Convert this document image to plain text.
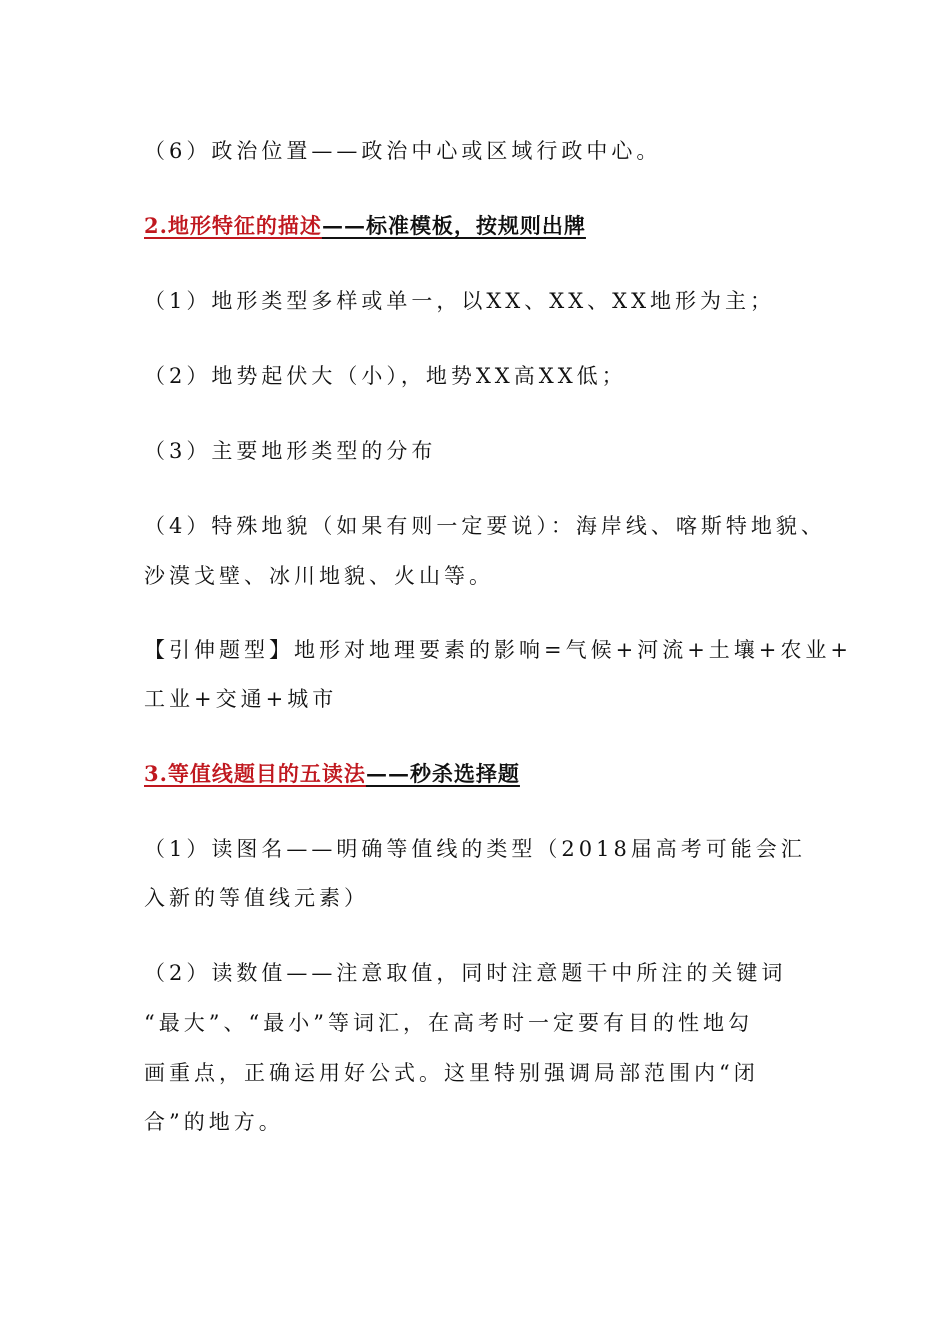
（6）政治位置——政治中心或区域行政中心。

2.地形特征的描述——标准模板，按规则出牌

（1）地形类型多样或单一，以XX、XX、XX地形为主；

（2）地势起伏大（小），地势XX高XX低；

（3）主要地形类型的分布

（4）特殊地貌（如果有则一定要说）：海岸线、喀斯特地貌、

沙漠戈壁、冰川地貌、火山等。

【引伸题型】地形对地理要素的影响=气候+河流+土壤+农业+

工业+交通+城市

3.等值线题目的五读法——秒杀选择题

（1）读图名——明确等值线的类型（2018届高考可能会汇

入新的等值线元素）

（2）读数值——注意取值，同时注意题干中所注的关键词

“最大”、“最小”等词汇，在高考时一定要有目的性地勾

画重点，正确运用好公式。这里特别强调局部范围内“闭

合”的地方。
